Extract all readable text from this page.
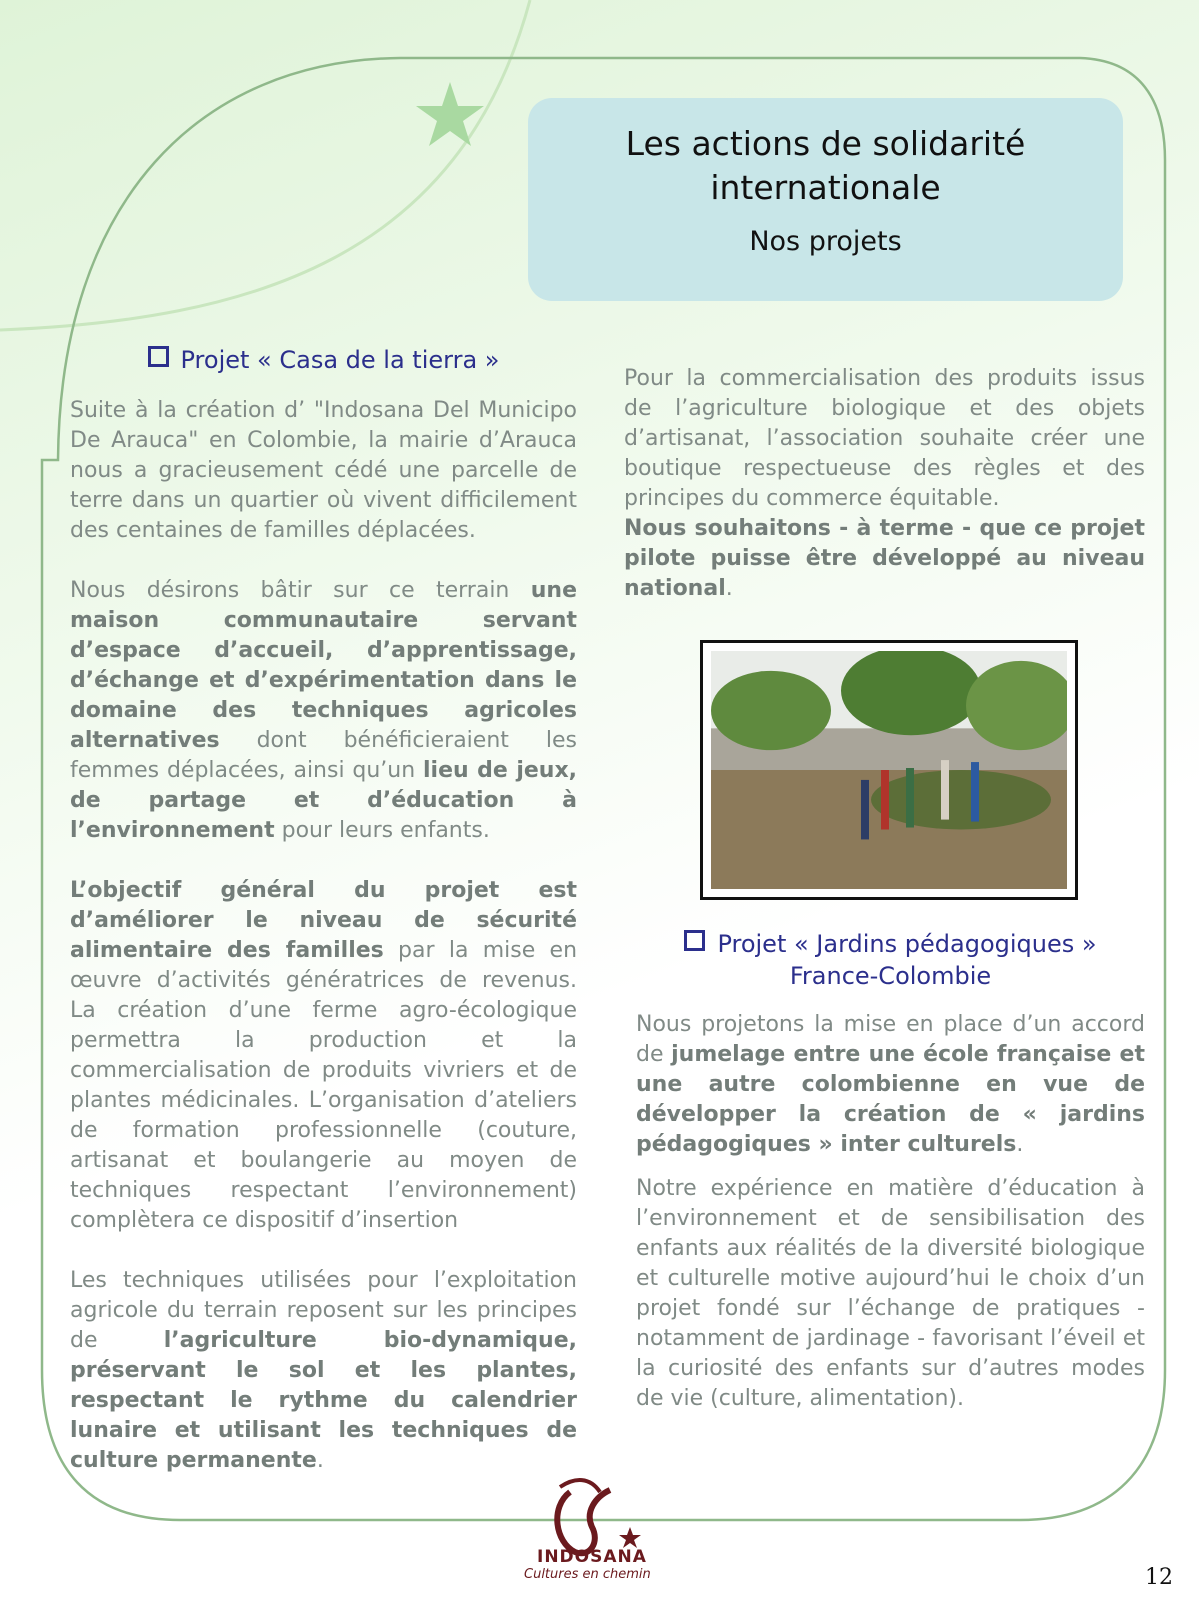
Les actions de solidarité internationale
Nos projets
Projet « Casa de la tierra »

Suite à la création d’ "Indosana Del Municipo De Arauca" en Colombie, la mairie d’Arauca nous a gracieusement cédé une parcelle de terre dans un quartier où vivent difficilement des centaines de familles déplacées.

Nous désirons bâtir sur ce terrain une maison communautaire servant d’espace d’accueil, d’apprentissage, d’échange et d’expérimentation dans le domaine des techniques agricoles alternatives dont bénéficieraient les femmes déplacées, ainsi qu’un lieu de jeux, de partage et d’éducation à l’environnement pour leurs enfants.

L’objectif général du projet est d’améliorer le niveau de sécurité alimentaire des familles par la mise en œuvre d’activités génératrices de revenus. La création d’une ferme agro-écologique permettra la production et la commercialisation de produits vivriers et de plantes médicinales. L’organisation d’ateliers de formation professionnelle (couture, artisanat et boulangerie au moyen de techniques respectant l’environnement) complètera ce dispositif d’insertion

Les techniques utilisées pour l’exploitation agricole du terrain reposent sur les principes de l’agriculture bio-dynamique, préservant le sol et les plantes, respectant le rythme du calendrier lunaire et utilisant les techniques de culture permanente.

Pour la commercialisation des produits issus de l’agriculture biologique et des objets d’artisanat, l’association souhaite créer une boutique respectueuse des règles et des principes du commerce équitable.

Nous souhaitons - à terme - que ce projet pilote puisse être développé au niveau national.

Projet « Jardins pédagogiques »
France-Colombie

Nous projetons la mise en place d’un accord de jumelage entre une école française et une autre colombienne en vue de développer la création de « jardins pédagogiques » inter culturels.

Notre expérience en matière d’éducation à l’environnement et de sensibilisation des enfants aux réalités de la diversité biologique et culturelle motive aujourd’hui le choix d’un projet fondé sur l’échange de pratiques - notamment de jardinage - favorisant l’éveil et la curiosité des enfants sur d’autres modes de vie (culture, alimentation).

INDOSANA
Cultures en chemin	12
